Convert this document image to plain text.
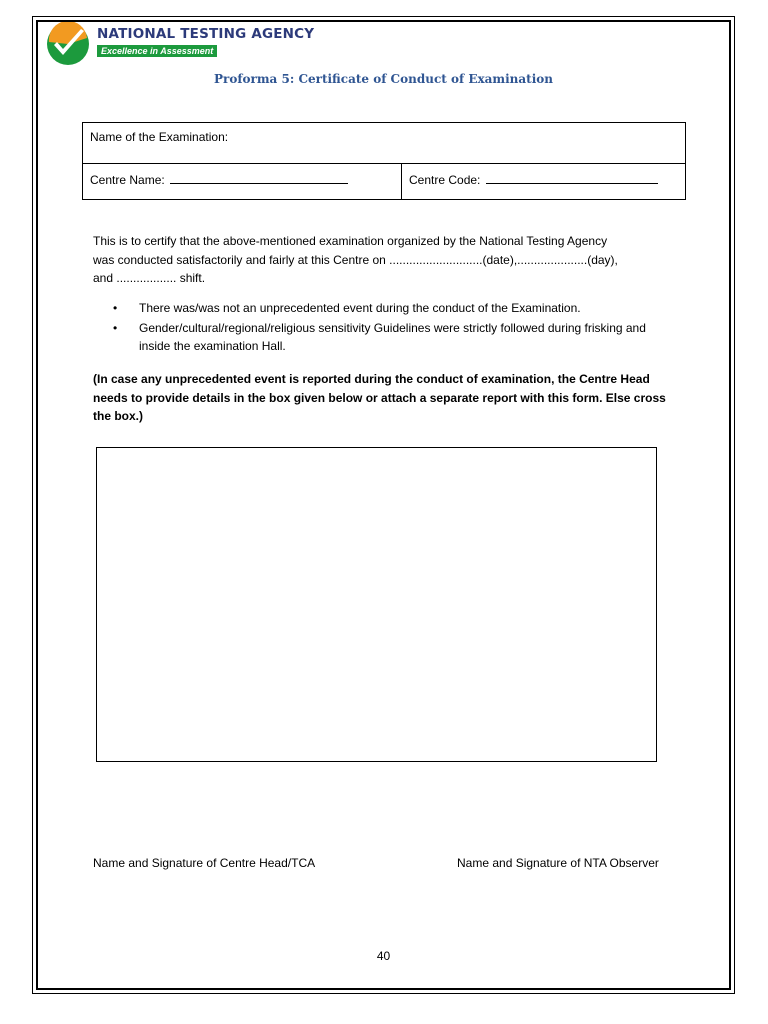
NATIONAL TESTING AGENCY
Excellence in Assessment
Proforma 5: Certificate of Conduct of Examination
Name of the Examination:
Centre Name:	Centre Code:
This is to certify that the above-mentioned examination organized by the National Testing Agency
was conducted satisfactorily and fairly at this Centre on ............................(date),.....................(day),
and .................. shift.
• There was/was not an unprecedented event during the conduct of the Examination.
• Gender/cultural/regional/religious sensitivity Guidelines were strictly followed during frisking and inside the examination Hall.
(In case any unprecedented event is reported during the conduct of examination, the Centre Head needs to provide details in the box given below or attach a separate report with this form. Else cross the box.)
Name and Signature of Centre Head/TCA	Name and Signature of NTA Observer
40
